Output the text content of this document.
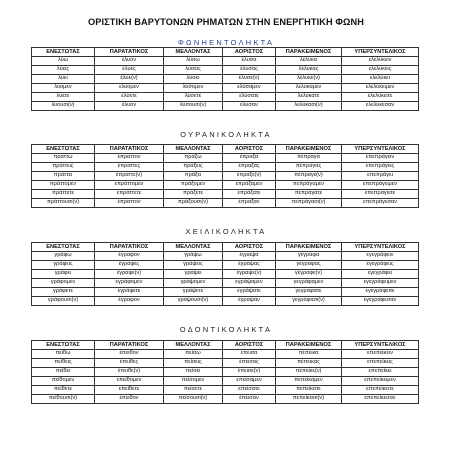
ΟΡΙΣΤΙΚΗ ΒΑΡΥΤΟΝΩΝ ΡΗΜΑΤΩΝ ΣΤΗΝ ΕΝΕΡΓΗΤΙΚΗ ΦΩΝΗ
ΦΩΝΗΕΝΤΟΛΗΚΤΑ
ΕΝΕΣΤΩΤΑΣ	ΠΑΡΑΤΑΤΙΚΟΣ	ΜΕΛΛΟΝΤΑΣ	ΑΟΡΙΣΤΟΣ	ΠΑΡΑΚΕΙΜΕΝΟΣ	ΥΠΕΡΣΥΝΤΕΛΙΚΟΣ
λύω	έλυον	λύσω	έλυσα	λέλυκα	ελελύκειν
λύεις	έλυες	λύσεις	έλυσας	λέλυκας	ελελύκεις
λύει	έλυε(ν)	λύσει	έλυσε(ν)	λέλυκε(ν)	ελελύκει
λύομεν	ελύομεν	λύσομεν	ελύσαμεν	λελύκαμεν	ελελύκειμεν
λύετε	ελύετε	λύσετε	ελύσατε	λελύκατε	ελελύκειτε
λύουσι(ν)	έλυον	λύσουσι(ν)	έλυσαν	λελύκασι(ν)	ελελύκεσαν
ΟΥΡΑΝΙΚΟΛΗΚΤΑ
ΕΝΕΣΤΩΤΑΣ	ΠΑΡΑΤΑΤΙΚΟΣ	ΜΕΛΛΟΝΤΑΣ	ΑΟΡΙΣΤΟΣ	ΠΑΡΑΚΕΙΜΕΝΟΣ	ΥΠΕΡΣΥΝΤΕΛΙΚΟΣ
πράττω	έπραττον	πράξω	έπραξα	πέπραγα	επεπράγειν
πράττεις	έπραττες	πράξεις	έπραξας	πέπραγας	επεπράγεις
πράττει	έπραττε(ν)	πράξει	έπραξε(ν)	πέπραγε(ν)	επεπράγει
πράττομεν	επράττομεν	πράξομεν	επράξαμεν	πεπράγαμεν	επεπράγειμεν
πράττετε	επράττετε	πράξετε	επράξατε	πεπράγατε	επεπράγειτε
πράττουσι(ν)	έπραττον	πράξουσι(ν)	έπραξαν	πεπράγασι(ν)	επεπράγεσαν
ΧΕΙΛΙΚΟΛΗΚΤΑ
ΕΝΕΣΤΩΤΑΣ	ΠΑΡΑΤΑΤΙΚΟΣ	ΜΕΛΛΟΝΤΑΣ	ΑΟΡΙΣΤΟΣ	ΠΑΡΑΚΕΙΜΕΝΟΣ	ΥΠΕΡΣΥΝΤΕΛΙΚΟΣ
γράφω	έγραφον	γράψω	έγραψα	γέγραφα	εγεγράφειν
γράφεις	έγραφες	γράψεις	έγραψας	γέγραφας	εγεγράφεις
γράφει	έγραφε(ν)	γράψει	έγραψε(ν)	γέγραφε(ν)	εγεγράφει
γράφομεν	εγράφομεν	γράψομεν	εγράψαμεν	γεγράφαμεν	εγεγράφειμεν
γράφετε	εγράφετε	γράψετε	εγράψατε	γεγράφατε	εγεγράφειτε
γράφουσι(ν)	έγραφον	γράψουσι(ν)	έγραψαν	γεγράφασι(ν)	εγεγράφεσαν
ΟΔΟΝΤΙΚΟΛΗΚΤΑ
ΕΝΕΣΤΩΤΑΣ	ΠΑΡΑΤΑΤΙΚΟΣ	ΜΕΛΛΟΝΤΑΣ	ΑΟΡΙΣΤΟΣ	ΠΑΡΑΚΕΙΜΕΝΟΣ	ΥΠΕΡΣΥΝΤΕΛΙΚΟΣ
πείθω	έπειθον	πείσω	έπεισα	πέπεικα	επεπείκειν
πείθεις	έπειθες	πείσεις	έπεισας	πέπεικας	επεπείκεις
πείθει	έπειθε(ν)	πείσει	έπεισε(ν)	πέπεικε(ν)	επεπείκει
πείθομεν	επείθομεν	πείσομεν	επείσαμεν	πεπείκαμεν	επεπείκειμεν
πείθετε	επείθετε	πείσετε	επείσατε	πεπείκατε	επεπείκειτε
πείθουσι(ν)	έπειθον	πείσουσι(ν)	έπεισαν	πεπείκασι(ν)	επεπείκεσαν
